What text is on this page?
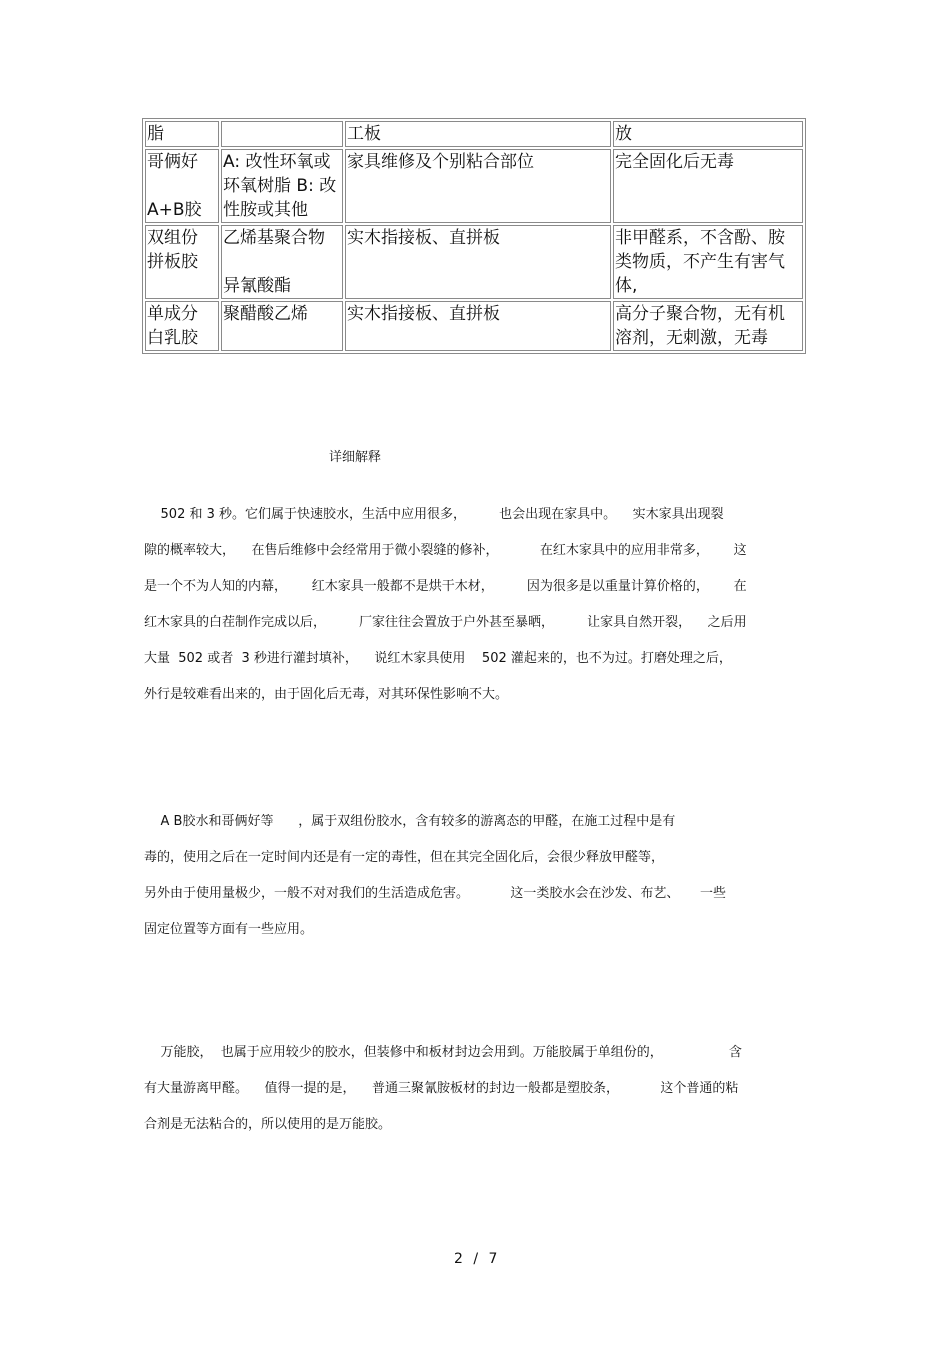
脂		工板	放

哥俩好
A+B胶	A: 改性环氧或
环氧树脂 B: 改
性胺或其他	家具维修及个别粘合部位	完全固化后无毒

双组份
拼板胶	乙烯基聚合物
异氰酸酯	实木指接板、直拼板	非甲醛系，不含酚、胺
类物质，不产生有害气
体,

单成分
白乳胶	聚醋酸乙烯	实木指接板、直拼板	高分子聚合物，无有机
溶剂，无刺激，无毒
详细解释
502 和 3 秒。它们属于快速胶水，生活中应用很多，        也会出现在家具中。    实木家具出现裂
隙的概率较大，    在售后维修中会经常用于微小裂缝的修补，          在红木家具中的应用非常多，      这
是一个不为人知的内幕，      红木家具一般都不是烘干木材，        因为很多是以重量计算价格的，      在
红木家具的白茬制作完成以后，        厂家往往会置放于户外甚至暴晒，        让家具自然开裂，    之后用
大量  502 或者  3 秒进行灌封填补，    说红木家具使用    502 灌起来的，也不为过。打磨处理之后，
外行是较难看出来的，由于固化后无毒，对其环保性影响不大。
A B胶水和哥俩好等      ，属于双组份胶水，含有较多的游离态的甲醛，在施工过程中是有
毒的，使用之后在一定时间内还是有一定的毒性，但在其完全固化后，会很少释放甲醛等，
另外由于使用量极少，一般不对对我们的生活造成危害。          这一类胶水会在沙发、布艺、     一些
固定位置等方面有一些应用。
万能胶，  也属于应用较少的胶水，但装修中和板材封边会用到。万能胶属于单组份的，                含
有大量游离甲醛。    值得一提的是，    普通三聚氰胺板材的封边一般都是塑胶条，          这个普通的粘
合剂是无法粘合的，所以使用的是万能胶。
2 / 7
